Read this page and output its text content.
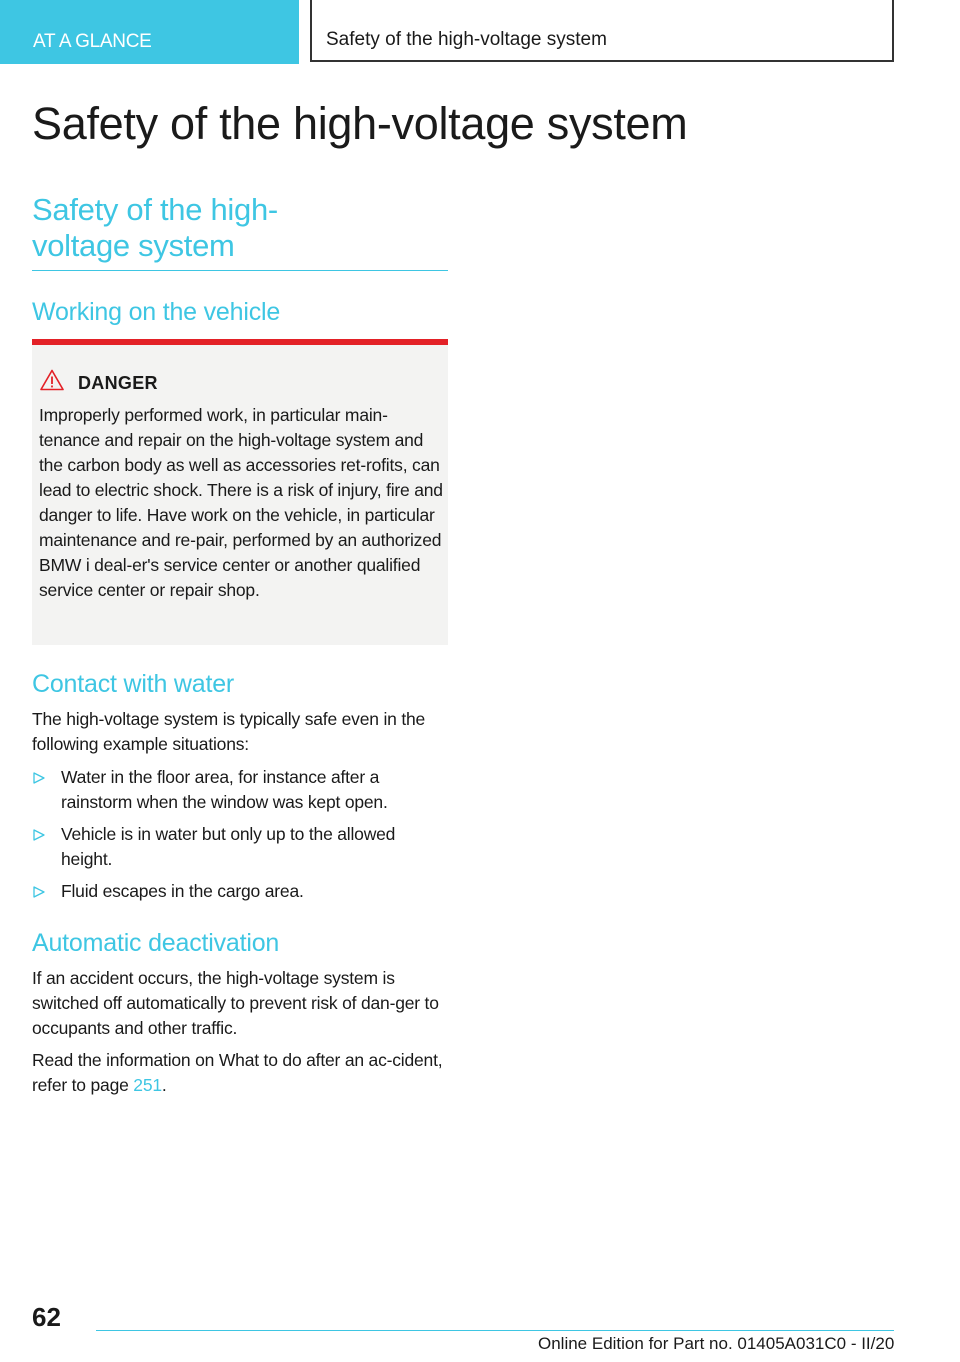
AT A GLANCE	Safety of the high-voltage system
Safety of the high-voltage system
Safety of the high-voltage system
Working on the vehicle
DANGER
Improperly performed work, in particular main-tenance and repair on the high-voltage system and the carbon body as well as accessories ret-rofits, can lead to electric shock. There is a risk of injury, fire and danger to life. Have work on the vehicle, in particular maintenance and re-pair, performed by an authorized BMW i deal-er's service center or another qualified service center or repair shop.
Contact with water

The high-voltage system is typically safe even in the following example situations:

Water in the floor area, for instance after a rainstorm when the window was kept open.
Vehicle is in water but only up to the allowed height.
Fluid escapes in the cargo area.
Automatic deactivation

If an accident occurs, the high-voltage system is switched off automatically to prevent risk of dan-ger to occupants and other traffic.

Read the information on What to do after an ac-cident, refer to page 251.

62
Online Edition for Part no. 01405A031C0 - II/20
